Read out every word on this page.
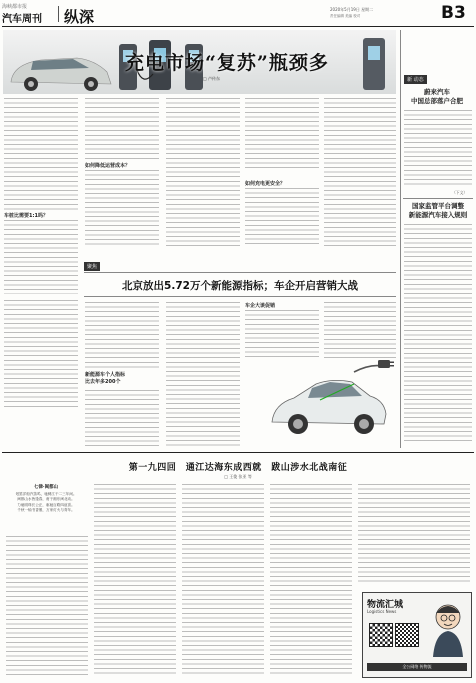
海峡都市报
汽车周刊 纵深	2020年5月19日 星期二
责任编辑 美编 校对	B3
充电市场“复苏”瓶颈多
□ 卢传东
车桩比需要1:1吗？
如何降低运营成本？
如何充电更安全？
新 动态
蔚来汽车
中国总部落户合肥
（下文）
国家监管平台调整
新能源汽车接入规则
聚焦
北京放出5.72万个新能源指标；车企开启营销大战
新能源车个人指标
比去年多200个
车企大谈促销
第一九四回　通江达海东成西就　跋山涉水北战南征
□ 王俊 张亚 等
七律·闽都山
划罢洋船汽笛鸣，驰骋江干二三年间。
闽都山水皆逢春，甫于湘东闽北动。
力驰明珠长公正，驱驰百路四谊喜。
千秋一轴书香墨，万家灯火与青年。
物流汇城
Logistics News
全公网络 传物流
